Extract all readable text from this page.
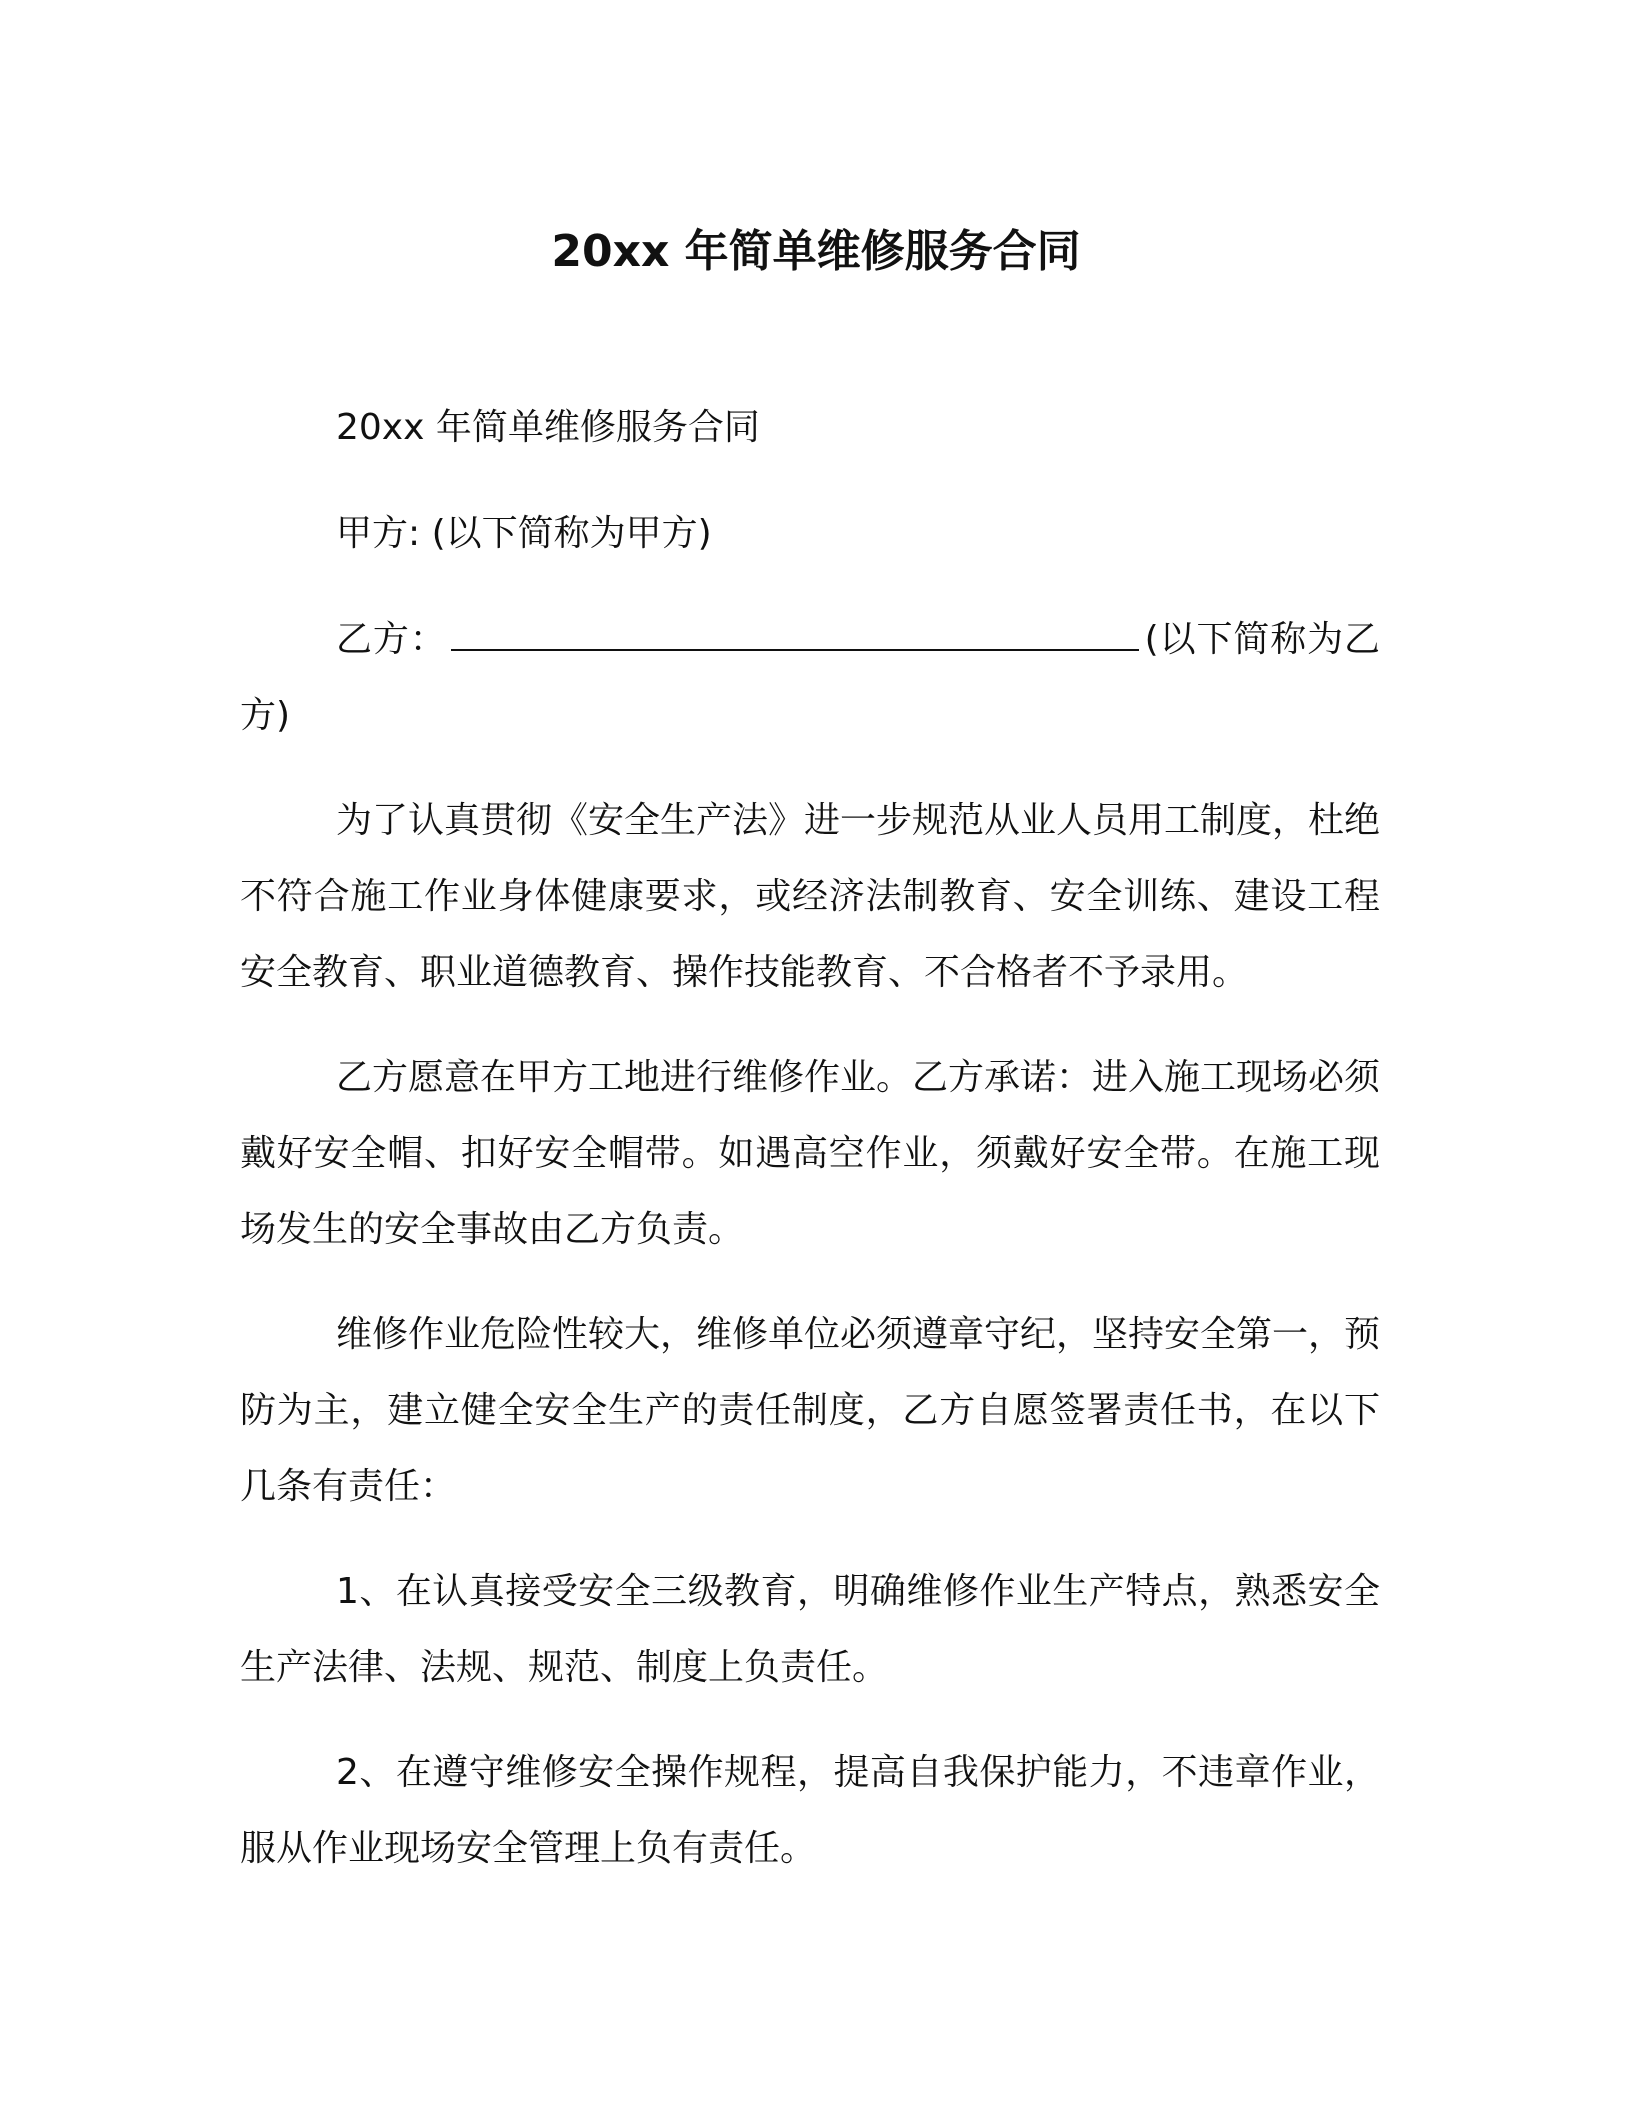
20xx 年简单维修服务合同

20xx 年简单维修服务合同

甲方: (以下简称为甲方)

乙方：	(以下简称为乙方)

为了认真贯彻《安全生产法》进一步规范从业人员用工制度，杜绝不符合施工作业身体健康要求，或经济法制教育、安全训练、建设工程安全教育、职业道德教育、操作技能教育、不合格者不予录用。

乙方愿意在甲方工地进行维修作业。乙方承诺：进入施工现场必须戴好安全帽、扣好安全帽带。如遇高空作业，须戴好安全带。在施工现场发生的安全事故由乙方负责。

维修作业危险性较大，维修单位必须遵章守纪，坚持安全第一，预防为主，建立健全安全生产的责任制度，乙方自愿签署责任书，在以下几条有责任：

1、在认真接受安全三级教育，明确维修作业生产特点，熟悉安全生产法律、法规、规范、制度上负责任。

2、在遵守维修安全操作规程，提高自我保护能力，不违章作业，服从作业现场安全管理上负有责任。
